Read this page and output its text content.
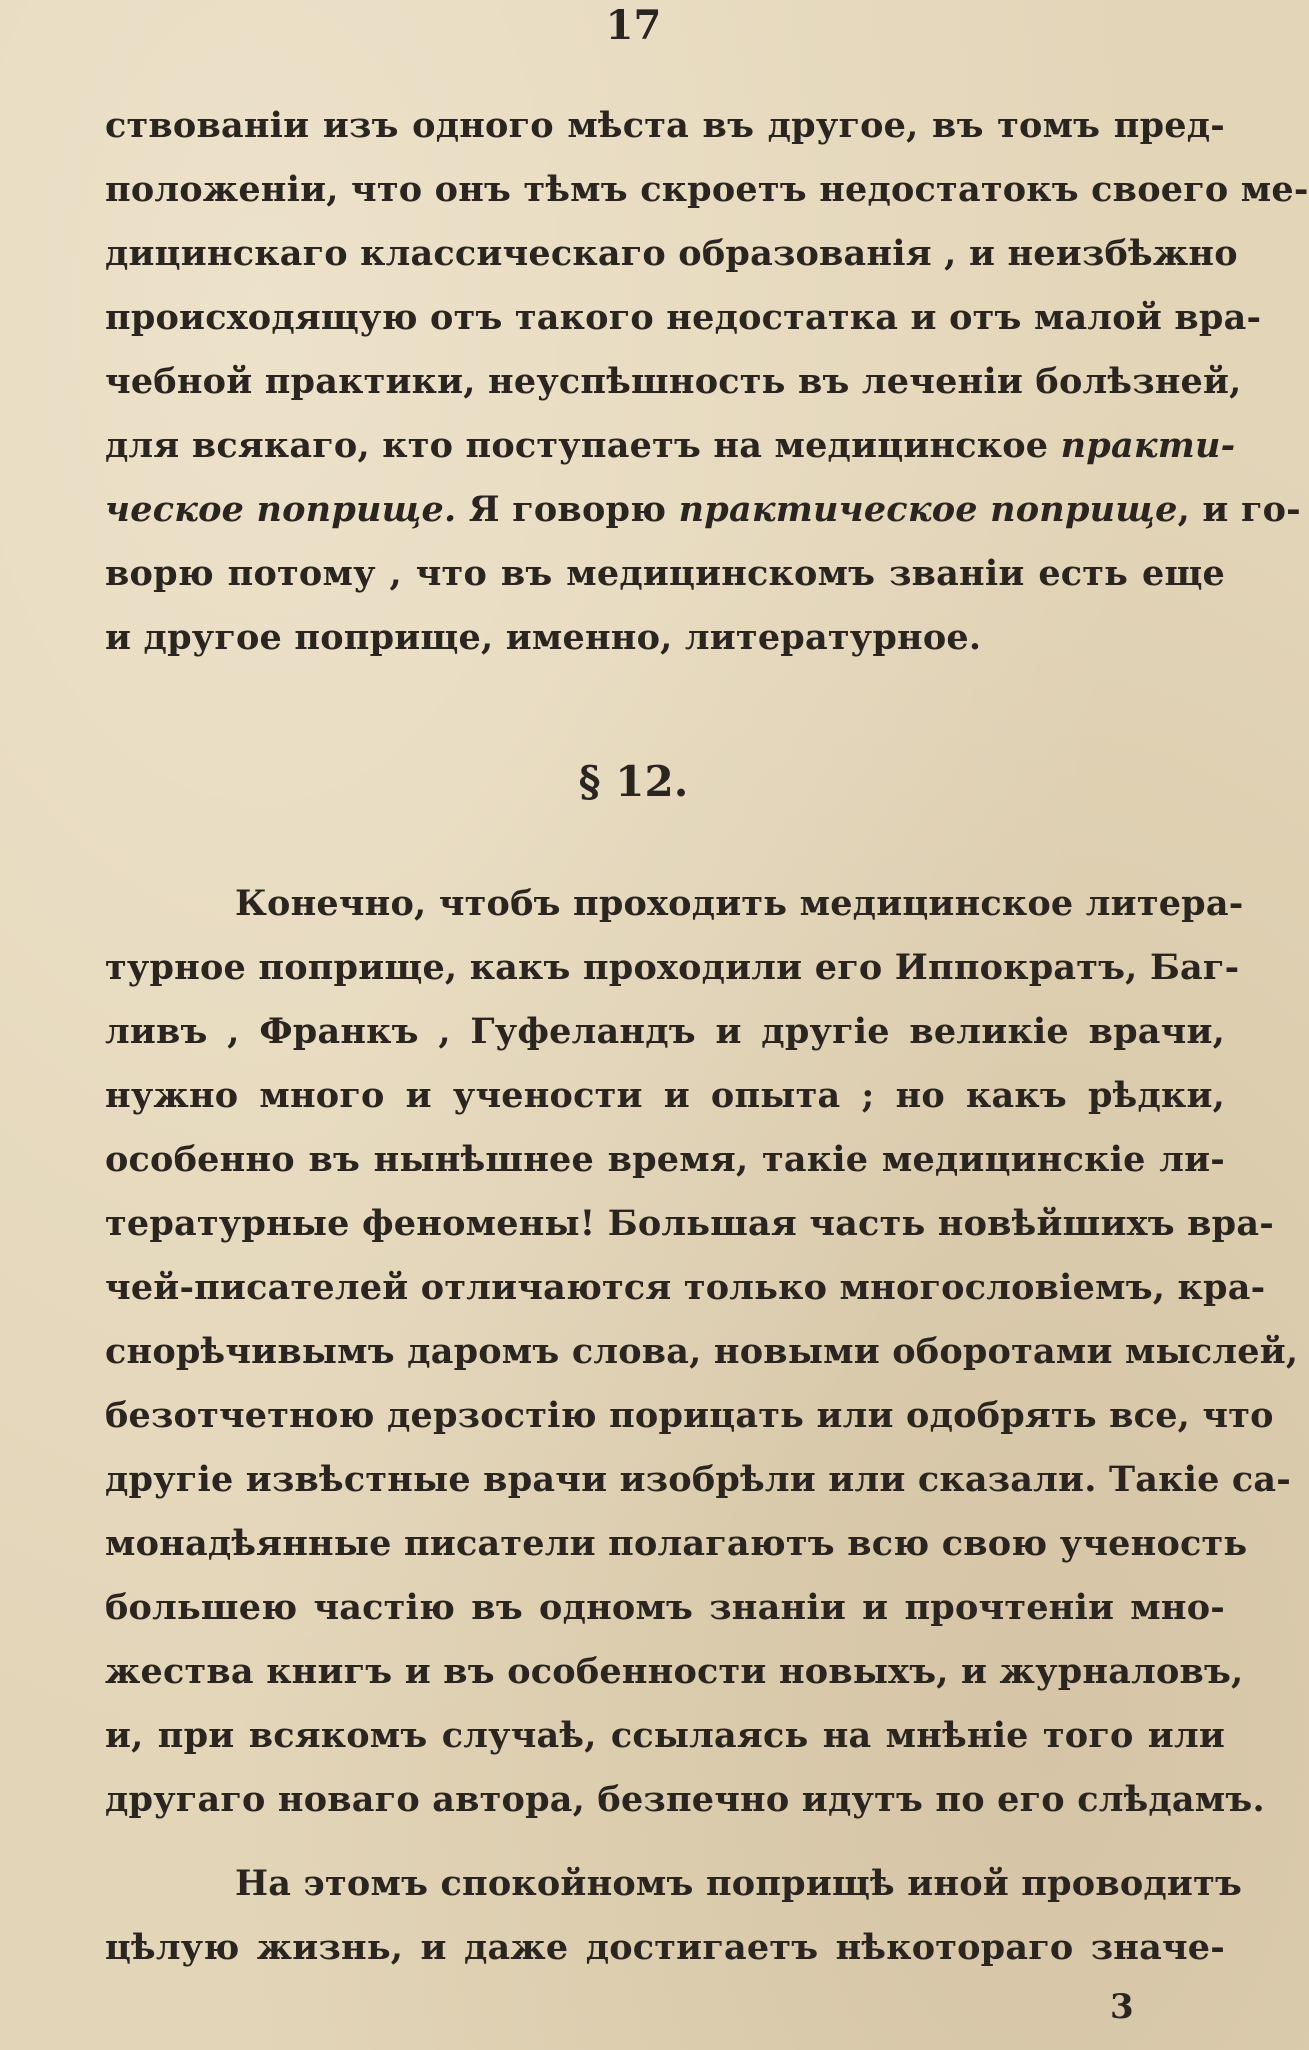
17
ствованіи изъ одного мѣста въ другое, въ томъ пред-
положеніи, что онъ тѣмъ скроетъ недостатокъ своего ме-
дицинскаго классическаго образованія , и неизбѣжно
происходящую отъ такого недостатка и отъ малой вра-
чебной практики, неуспѣшность въ леченіи болѣзней,
для всякаго, кто поступаетъ на медицинское практи-
ческое поприще. Я говорю практическое поприще, и го-
ворю потому , что въ медицинскомъ званіи есть еще
и другое поприще, именно, литературное.
§ 12.
Конечно, чтобъ проходить медицинское литера-
турное поприще, какъ проходили его Иппократъ, Баг-
ливъ , Франкъ , Гуфеландъ и другіе великіе врачи,
нужно много и учености и опыта ; но какъ рѣдки,
особенно въ нынѣшнее время, такіе медицинскіе ли-
тературные феномены! Большая часть новѣйшихъ вра-
чей-писателей отличаются только многословіемъ, кра-
снорѣчивымъ даромъ слова, новыми оборотами мыслей,
безотчетною дерзостію порицать или одобрять все, что
другіе извѣстные врачи изобрѣли или сказали. Такіе са-
монадѣянные писатели полагаютъ всю свою ученость
большею частію въ одномъ знаніи и прочтеніи мно-
жества книгъ и въ особенности новыхъ, и журналовъ,
и, при всякомъ случаѣ, ссылаясь на мнѣніе того или
другаго новаго автора, безпечно идутъ по его слѣдамъ.
На этомъ спокойномъ поприщѣ иной проводитъ
цѣлую жизнь, и даже достигаетъ нѣкотораго значе-
3
